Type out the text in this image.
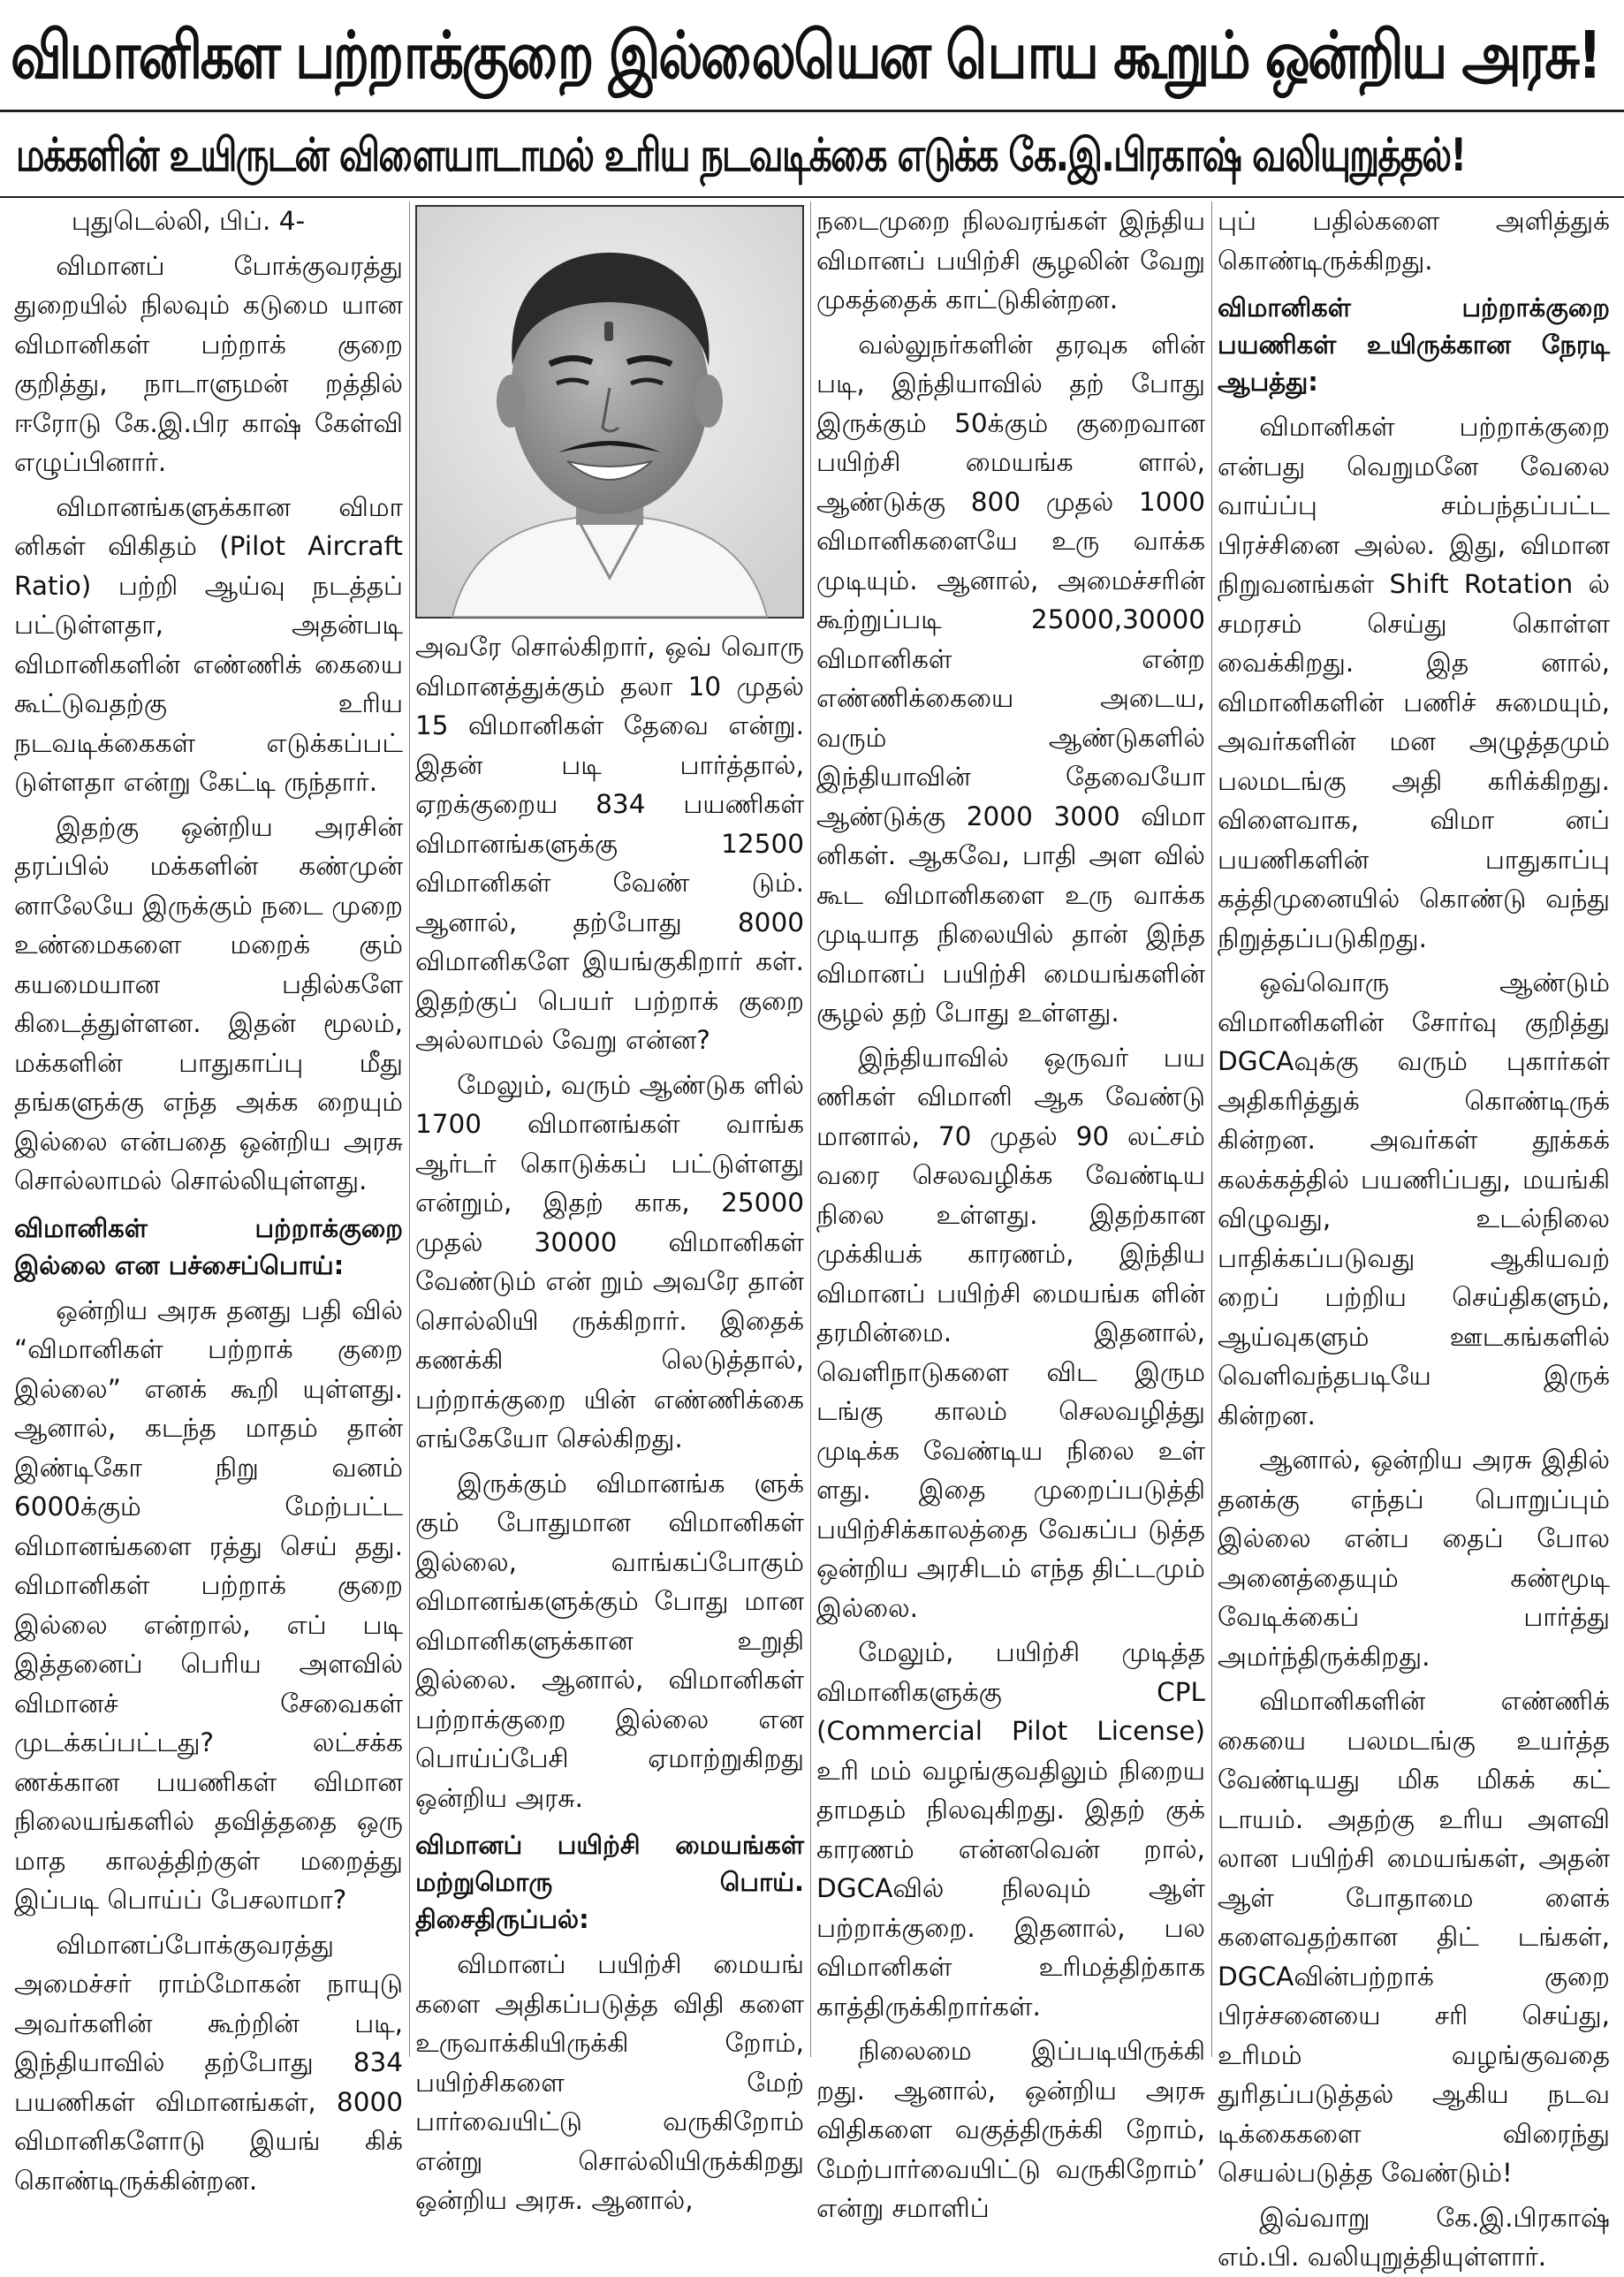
விமானிகள பற்றாக்குறை இல்லையென பொய கூறும் ஒன்றிய அரசு!
மக்களின் உயிருடன் விளையாடாமல் உரிய நடவடிக்கை எடுக்க கே.இ.பிரகாஷ் வலியுறுத்தல்!

புதுடெல்லி, பிப். 4-

விமானப் போக்குவரத்து துறையில் நிலவும் கடுமை யான விமானிகள் பற்றாக் குறை குறித்து, நாடாளுமன் றத்தில் ஈரோடு கே.இ.பிர காஷ் கேள்வி எழுப்பினார்.

விமானங்களுக்கான விமா னிகள் விகிதம் (Pilot Aircraft Ratio) பற்றி ஆய்வு நடத்தப் பட்டுள்ளதா, அதன்படி விமானிகளின் எண்ணிக் கையை கூட்டுவதற்கு உரிய நடவடிக்கைகள் எடுக்கப்பட் டுள்ளதா என்று கேட்டி ருந்தார்.

இதற்கு ஒன்றிய அரசின் தரப்பில் மக்களின் கண்முன் னாலேயே இருக்கும் நடை முறை உண்மைகளை மறைக் கும் கயமையான பதில்களே கிடைத்துள்ளன. இதன் மூலம், மக்களின் பாதுகாப்பு மீது தங்களுக்கு எந்த அக்க றையும் இல்லை என்பதை ஒன்றிய அரசு சொல்லாமல் சொல்லியுள்ளது.

விமானிகள் பற்றாக்குறை இல்லை என பச்சைப்பொய்:

ஒன்றிய அரசு தனது பதி வில் “விமானிகள் பற்றாக் குறை இல்லை” எனக் கூறி யுள்ளது. ஆனால், கடந்த மாதம் தான் இண்டிகோ நிறு வனம் 6000க்கும் மேற்பட்ட விமானங்களை ரத்து செய் தது. விமானிகள் பற்றாக் குறை இல்லை என்றால், எப் படி இத்தனைப் பெரிய அளவில் விமானச் சேவைகள் முடக்கப்பட்டது? லட்சக்க ணக்கான பயணிகள் விமான நிலையங்களில் தவித்ததை ஒரு மாத காலத்திற்குள் மறைத்து இப்படி பொய்ப் பேசலாமா?

விமானப்போக்குவரத்து அமைச்சர் ராம்மோகன் நாயுடு அவர்களின் கூற்றின் படி, இந்தியாவில் தற்போது 834 பயணிகள் விமானங்கள், 8000 விமானிகளோடு இயங் கிக் கொண்டிருக்கின்றன.

அவரே சொல்கிறார், ஒவ் வொரு விமானத்துக்கும் தலா 10 முதல் 15 விமானிகள் தேவை என்று. இதன் படி பார்த்தால், ஏறக்குறைய 834 பயணிகள் விமானங்களுக்கு 12500 விமானிகள் வேண் டும். ஆனால், தற்போது 8000 விமானிகளே இயங்குகிறார் கள். இதற்குப் பெயர் பற்றாக் குறை அல்லாமல் வேறு என்ன?

மேலும், வரும் ஆண்டுக ளில் 1700 விமானங்கள் வாங்க ஆர்டர் கொடுக்கப் பட்டுள்ளது என்றும், இதற் காக, 25000 முதல் 30000 விமானிகள் வேண்டும் என் றும் அவரே தான் சொல்லியி ருக்கிறார். இதைக் கணக்கி லெடுத்தால், பற்றாக்குறை யின் எண்ணிக்கை எங்கேயோ செல்கிறது.

இருக்கும் விமானங்க ளுக் கும் போதுமான விமானிகள் இல்லை, வாங்கப்போகும் விமானங்களுக்கும் போது மான விமானிகளுக்கான உறுதி இல்லை. ஆனால், விமானிகள் பற்றாக்குறை இல்லை என பொய்ப்பேசி ஏமாற்றுகிறது ஒன்றிய அரசு.

விமானப் பயிற்சி மையங்கள் மற்றுமொரு பொய். திசைதிருப்பல்:

விமானப் பயிற்சி மையங் களை அதிகப்படுத்த விதி களை உருவாக்கியிருக்கி றோம், பயிற்சிகளை மேற் பார்வையிட்டு வருகிறோம் என்று சொல்லியிருக்கிறது ஒன்றிய அரசு. ஆனால்,

நடைமுறை நிலவரங்கள் இந்திய விமானப் பயிற்சி சூழலின் வேறு முகத்தைக் காட்டுகின்றன.

வல்லுநர்களின் தரவுக ளின் படி, இந்தியாவில் தற் போது இருக்கும் 50க்கும் குறைவான பயிற்சி மையங்க ளால், ஆண்டுக்கு 800 முதல் 1000 விமானிகளையே உரு வாக்க முடியும். ஆனால், அமைச்சரின் கூற்றுப்படி 25000,30000 விமானிகள் என்ற எண்ணிக்கையை அடைய, வரும் ஆண்டுகளில் இந்தியாவின் தேவையோ ஆண்டுக்கு 2000 3000 விமா னிகள். ஆகவே, பாதி அள வில் கூட விமானிகளை உரு வாக்க முடியாத நிலையில் தான் இந்த விமானப் பயிற்சி மையங்களின் சூழல் தற் போது உள்ளது.

இந்தியாவில் ஒருவர் பய ணிகள் விமானி ஆக வேண்டு மானால், 70 முதல் 90 லட்சம் வரை செலவழிக்க வேண்டிய நிலை உள்ளது. இதற்கான முக்கியக் காரணம், இந்திய விமானப் பயிற்சி மையங்க ளின் தரமின்மை. இதனால், வெளிநாடுகளை விட இரும டங்கு காலம் செலவழித்து முடிக்க வேண்டிய நிலை உள் ளது. இதை முறைப்படுத்தி பயிற்சிக்காலத்தை வேகப்ப டுத்த ஒன்றிய அரசிடம் எந்த திட்டமும் இல்லை.

மேலும், பயிற்சி முடித்த விமானிகளுக்கு CPL (Commercial Pilot License) உரி மம் வழங்குவதிலும் நிறைய தாமதம் நிலவுகிறது. இதற் குக் காரணம் என்னவென் றால், DGCAவில் நிலவும் ஆள் பற்றாக்குறை. இதனால், பல விமானிகள் உரிமத்திற்காக காத்திருக்கிறார்கள்.

நிலைமை இப்படியிருக்கி றது. ஆனால், ஒன்றிய அரசு விதிகளை வகுத்திருக்கி றோம், மேற்பார்வையிட்டு வருகிறோம்’ என்று சமாளிப்

புப் பதில்களை அளித்துக் கொண்டிருக்கிறது.

விமானிகள் பற்றாக்குறை பயணிகள் உயிருக்கான நேரடி ஆபத்து:

விமானிகள் பற்றாக்குறை என்பது வெறுமனே வேலை வாய்ப்பு சம்பந்தப்பட்ட பிரச்சினை அல்ல. இது, விமான நிறுவனங்கள் Shift Rotation ல் சமரசம் செய்து கொள்ள வைக்கிறது. இத னால், விமானிகளின் பணிச் சுமையும், அவர்களின் மன அழுத்தமும் பலமடங்கு அதி கரிக்கிறது. விளைவாக, விமா னப் பயணிகளின் பாதுகாப்பு கத்திமுனையில் கொண்டு வந்து நிறுத்தப்படுகிறது.

ஒவ்வொரு ஆண்டும் விமானிகளின் சோர்வு குறித்து DGCAவுக்கு வரும் புகார்கள் அதிகரித்துக் கொண்டிருக் கின்றன. அவர்கள் தூக்கக் கலக்கத்தில் பயணிப்பது, மயங்கி விழுவது, உடல்நிலை பாதிக்கப்படுவது ஆகியவற் றைப் பற்றிய செய்திகளும், ஆய்வுகளும் ஊடகங்களில் வெளிவந்தபடியே இருக் கின்றன.

ஆனால், ஒன்றிய அரசு இதில் தனக்கு எந்தப் பொறுப்பும் இல்லை என்ப தைப் போல அனைத்தையும் கண்மூடி வேடிக்கைப் பார்த்து அமர்ந்திருக்கிறது.

விமானிகளின் எண்ணிக் கையை பலமடங்கு உயர்த்த வேண்டியது மிக மிகக் கட் டாயம். அதற்கு உரிய அளவி லான பயிற்சி மையங்கள், அதன் ஆள் போதாமை ளைக் களைவதற்கான திட் டங்கள், DGCAவின்பற்றாக் குறை பிரச்சனையை சரி செய்து, உரிமம் வழங்குவதை துரிதப்படுத்தல் ஆகிய நடவ டிக்கைகளை விரைந்து செயல்படுத்த வேண்டும்!

இவ்வாறு கே.இ.பிரகாஷ் எம்.பி. வலியுறுத்தியுள்ளார்.
